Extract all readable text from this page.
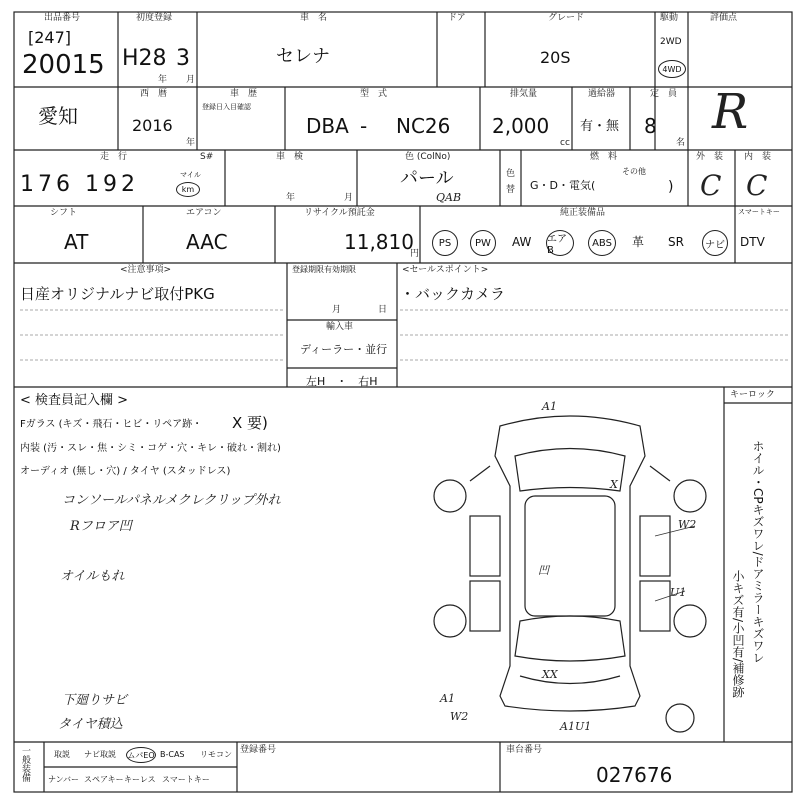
出品番号
[247]
20015
初度登録
H28 3
年 月
車　名
セレナ
ドア	グレード
20S
駆動
2WD
4WD
評価点
R
愛知
西　暦
2016
年
車　歴
登録日入目確認
型　式
DBA - NC26
排気量
2,000
cc
過給器
有・無
定　員
8
名
走　行	S#
176 192	マイル
km
車　検
年	月
色 (ColNo)
パール
QAB
色
替
燃　料
G・D・電気(
その他
)
外　装
C
内　装
C
シフト
AT
エアコン
AAC
リサイクル預託金
11,810
円
純正装備品
PS	PW	AW エアB
ABS	革 SR	ナビ DTV
スマートキー
<注意事項>
日産オリジナルナビ取付PKG
登録期限有効期限
月	日
輸入車
ディーラー・並行
左H　・　右H
<セールスポイント>
・バックカメラ
< 検査員記入欄 >
Fガラス (キズ・飛石・ヒビ・リペア跡・ X 要)
内装 (汚・スレ・焦・シミ・コゲ・穴・キレ・破れ・割れ)
オーディオ (無し・穴) / タイヤ (スタッドレス)
コンソールパネルメクレクリップ外れ
Rフロア凹
オイルもれ
下廻りサビ
タイヤ積込
A1
X
W2
U1
凹
XX
A1
W2
A1U1
キーロック
ホイル・CPキズワレ/ドアミラーキズワレ
小キズ有/小凹有/補修跡
一般装備	取説 ナビ取説 ムパEO B-CAS リモコン
ナンバー スペアキー キーレス スマートキー
登録番号	車台番号
027676
